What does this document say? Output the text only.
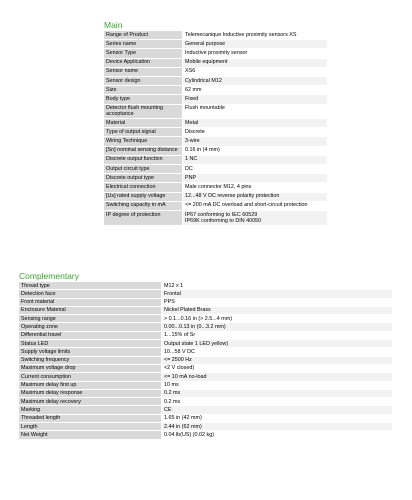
Main
Range of Product	Telemecanique Inductive proximity sensors XS
Series name	General purpose
Sensor Type	Inductive proximity sensor
Device Application	Mobile equipment
Sensor name	XS6
Sensor design	Cylindrical M12
Size	62 mm
Body type	Fixed
Detector flush mounting acceptance	Flush mountable
Material	Metal
Type of output signal	Discrete
Wiring Technique	3-wire
[Sn] nominal sensing distance	0.16 in (4 mm)
Discrete output function	1 NC
Output circuit type	DC
Discrete output type	PNP
Electrical connection	Male connector M12, 4 pins
[Us] rated supply voltage	12...48 V DC reverse polarity protection
Switching capacity in mA	<= 200 mA DC overload and short-circuit protection
IP degree of protection	IP67 conforming to IEC 60529
IP69K conforming to DIN 40050
Complementary
Thread type	M12 x 1
Detection face	Frontal
Front material	PPS
Enclosure Material	Nickel Plated Brass
Sensing range	> 0.1...0.16 in (> 2.5...4 mm)
Operating zone	0.00...0.13 in (0...3.2 mm)
Differential travel	1...15% of Sr
Status LED	Output state 1 LED yellow)
Supply voltage limits	10...58 V DC
Switching frequency	<= 2500 Hz
Maximum voltage drop	<2 V closed)
Current consumption	<= 10 mA no-load
Maximum delay first up	10 ms
Maximum delay response	0.2 ms
Maximum delay recovery	0.2 ms
Marking	CE
Threaded length	1.65 in (42 mm)
Length	2.44 in (62 mm)
Net Weight	0.04 lb(US) (0.02 kg)
